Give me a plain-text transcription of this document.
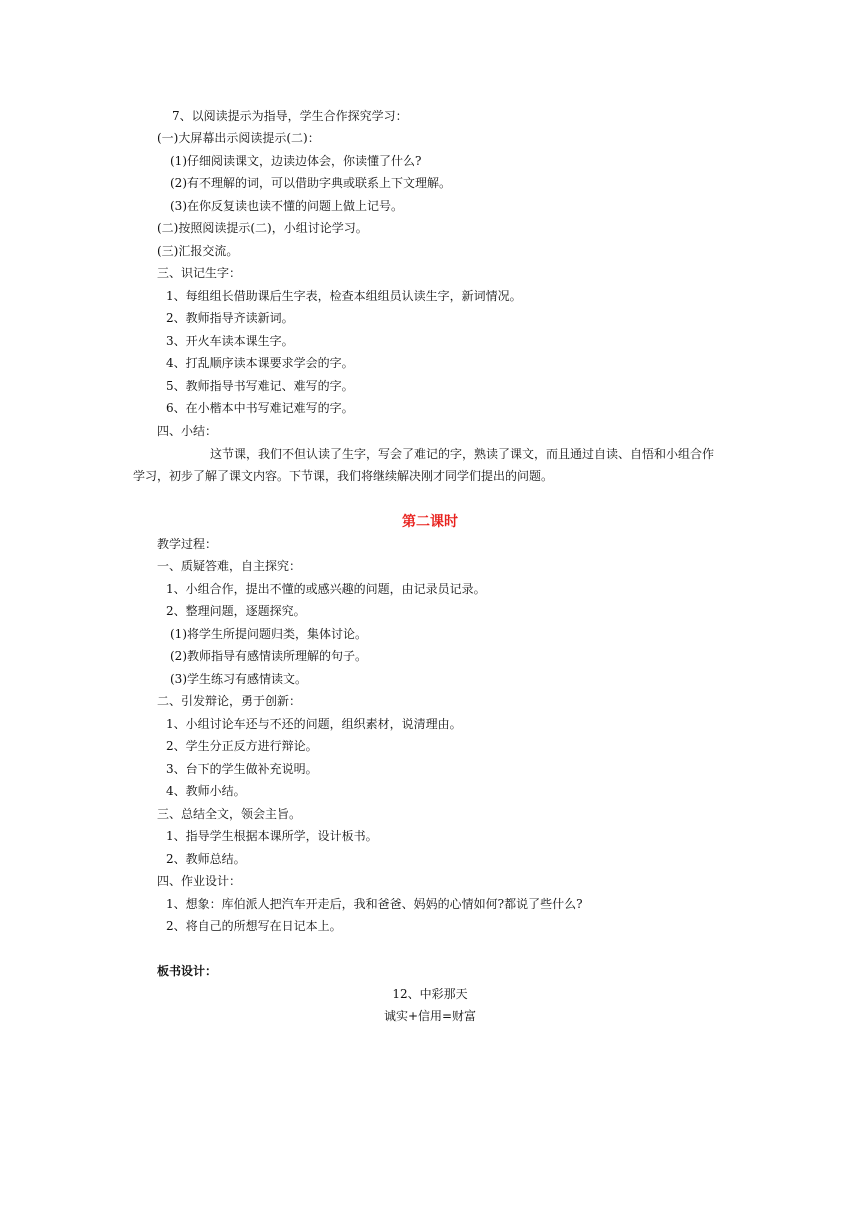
7、以阅读提示为指导，学生合作探究学习：
(一)大屏幕出示阅读提示(二)：
(1)仔细阅读课文，边读边体会，你读懂了什么?
(2)有不理解的词，可以借助字典或联系上下文理解。
(3)在你反复读也读不懂的问题上做上记号。
(二)按照阅读提示(二)，小组讨论学习。
(三)汇报交流。
三、识记生字：
1、每组组长借助课后生字表，检查本组组员认读生字，新词情况。
2、教师指导齐读新词。
3、开火车读本课生字。
4、打乱顺序读本课要求学会的字。
5、教师指导书写难记、难写的字。
6、在小楷本中书写难记难写的字。
四、小结：
这节课，我们不但认读了生字，写会了难记的字，熟读了课文，而且通过自读、自悟和小组合作
学习，初步了解了课文内容。下节课，我们将继续解决刚才同学们提出的问题。
第二课时
教学过程：
一、质疑答难，自主探究：
1、小组合作，提出不懂的或感兴趣的问题，由记录员记录。
2、整理问题，逐题探究。
(1)将学生所提问题归类，集体讨论。
(2)教师指导有感情读所理解的句子。
(3)学生练习有感情读文。
二、引发辩论，勇于创新：
1、小组讨论车还与不还的问题，组织素材，说清理由。
2、学生分正反方进行辩论。
3、台下的学生做补充说明。
4、教师小结。
三、总结全文，领会主旨。
1、指导学生根据本课所学，设计板书。
2、教师总结。
四、作业设计：
1、想象：库伯派人把汽车开走后，我和爸爸、妈妈的心情如何?都说了些什么?
2、将自己的所想写在日记本上。
板书设计：
12、中彩那天
诚实+信用=财富
